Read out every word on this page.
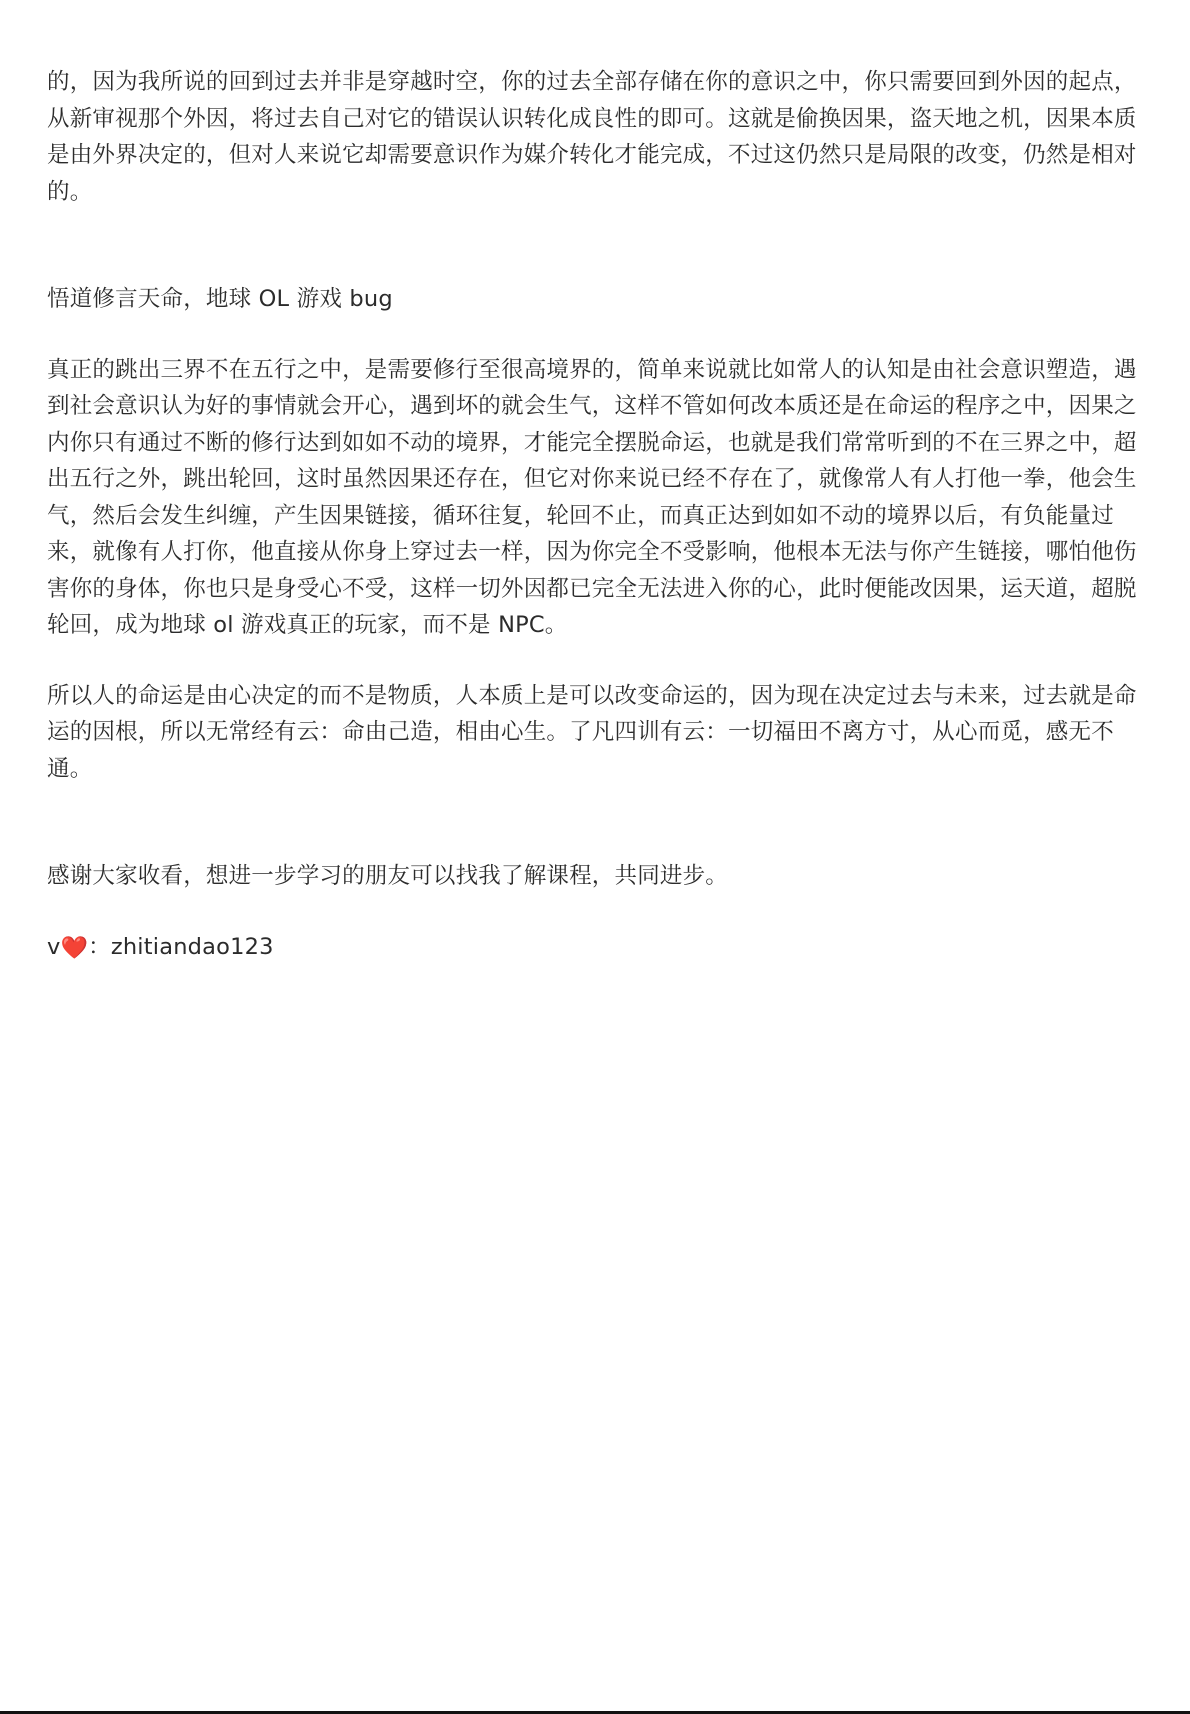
的，因为我所说的回到过去并非是穿越时空，你的过去全部存储在你的意识之中，你只需要回到外因的起点，从新审视那个外因，将过去自己对它的错误认识转化成良性的即可。这就是偷换因果，盗天地之机，因果本质是由外界决定的，但对人来说它却需要意识作为媒介转化才能完成，不过这仍然只是局限的改变，仍然是相对的。

悟道修言天命，地球 OL 游戏 bug

真正的跳出三界不在五行之中，是需要修行至很高境界的，简单来说就比如常人的认知是由社会意识塑造，遇到社会意识认为好的事情就会开心，遇到坏的就会生气，这样不管如何改本质还是在命运的程序之中，因果之内你只有通过不断的修行达到如如不动的境界，才能完全摆脱命运，也就是我们常常听到的不在三界之中，超出五行之外，跳出轮回，这时虽然因果还存在，但它对你来说已经不存在了，就像常人有人打他一拳，他会生气，然后会发生纠缠，产生因果链接，循环往复，轮回不止，而真正达到如如不动的境界以后，有负能量过来，就像有人打你，他直接从你身上穿过去一样，因为你完全不受影响，他根本无法与你产生链接，哪怕他伤害你的身体，你也只是身受心不受，这样一切外因都已完全无法进入你的心，此时便能改因果，运天道，超脱轮回，成为地球 ol 游戏真正的玩家，而不是 NPC。

所以人的命运是由心决定的而不是物质，人本质上是可以改变命运的，因为现在决定过去与未来，过去就是命运的因根，所以无常经有云：命由己造，相由心生。了凡四训有云：一切福田不离方寸，从心而觅，感无不通。

感谢大家收看，想进一步学习的朋友可以找我了解课程，共同进步。

v❤️：zhitiandao123
